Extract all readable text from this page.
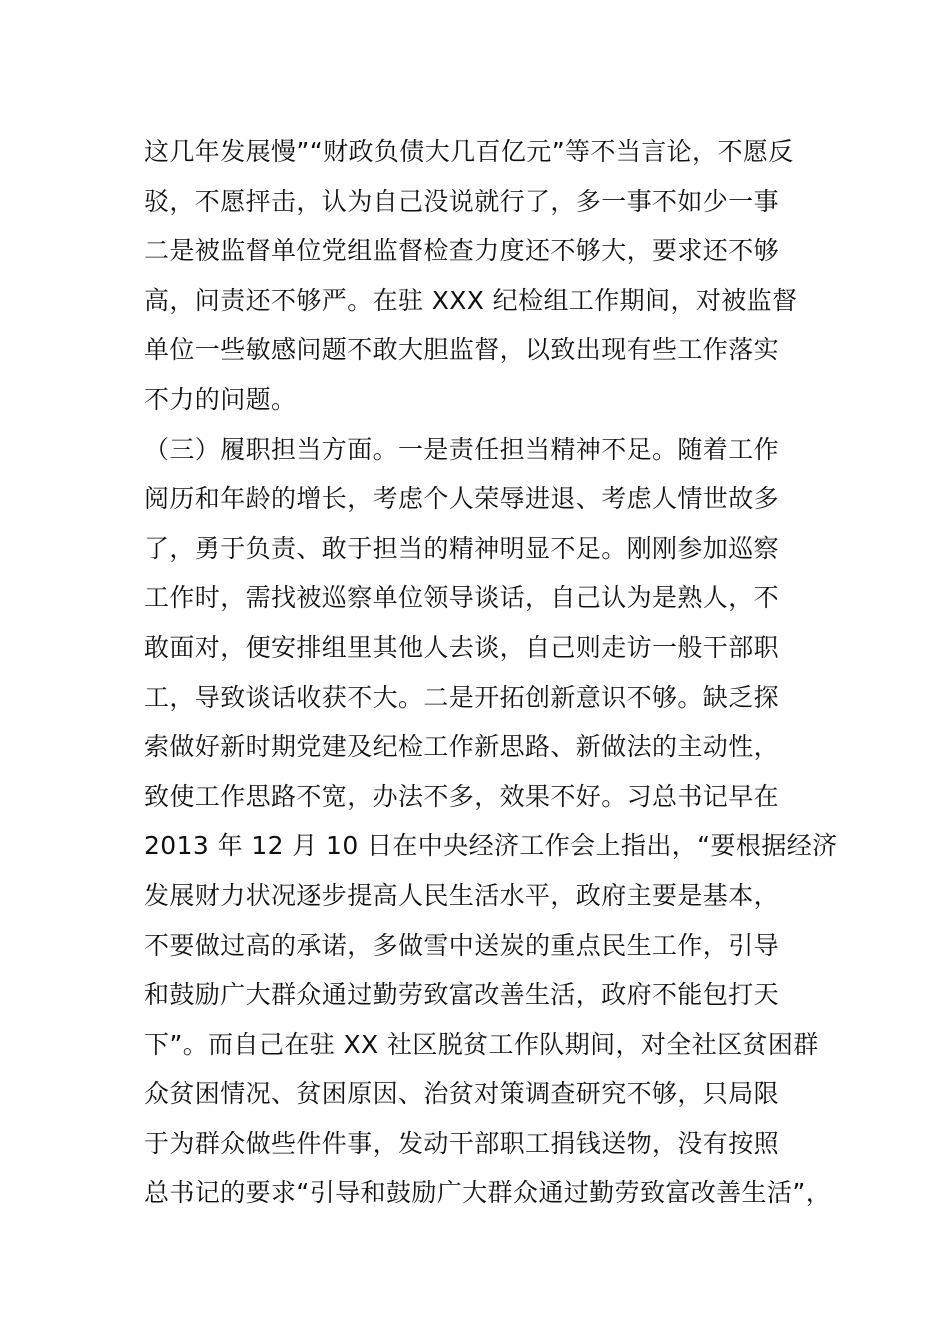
这几年发展慢”“财政负债大几百亿元”等不当言论，不愿反
驳，不愿抨击，认为自己没说就行了，多一事不如少一事
二是被监督单位党组监督检查力度还不够大，要求还不够
高，问责还不够严。在驻 XXX 纪检组工作期间，对被监督
单位一些敏感问题不敢大胆监督，以致出现有些工作落实
不力的问题。
（三）履职担当方面。一是责任担当精神不足。随着工作
阅历和年龄的增长，考虑个人荣辱进退、考虑人情世故多
了，勇于负责、敢于担当的精神明显不足。刚刚参加巡察
工作时，需找被巡察单位领导谈话，自己认为是熟人，不
敢面对，便安排组里其他人去谈，自己则走访一般干部职
工，导致谈话收获不大。二是开拓创新意识不够。缺乏探
索做好新时期党建及纪检工作新思路、新做法的主动性，
致使工作思路不宽，办法不多，效果不好。习总书记早在
2013 年 12 月 10 日在中央经济工作会上指出，“要根据经济
发展财力状况逐步提高人民生活水平，政府主要是基本，
不要做过高的承诺，多做雪中送炭的重点民生工作，引导
和鼓励广大群众通过勤劳致富改善生活，政府不能包打天
下”。而自己在驻 XX 社区脱贫工作队期间，对全社区贫困群
众贫困情况、贫困原因、治贫对策调查研究不够，只局限
于为群众做些件件事，发动干部职工捐钱送物，没有按照
总书记的要求“引导和鼓励广大群众通过勤劳致富改善生活”，
